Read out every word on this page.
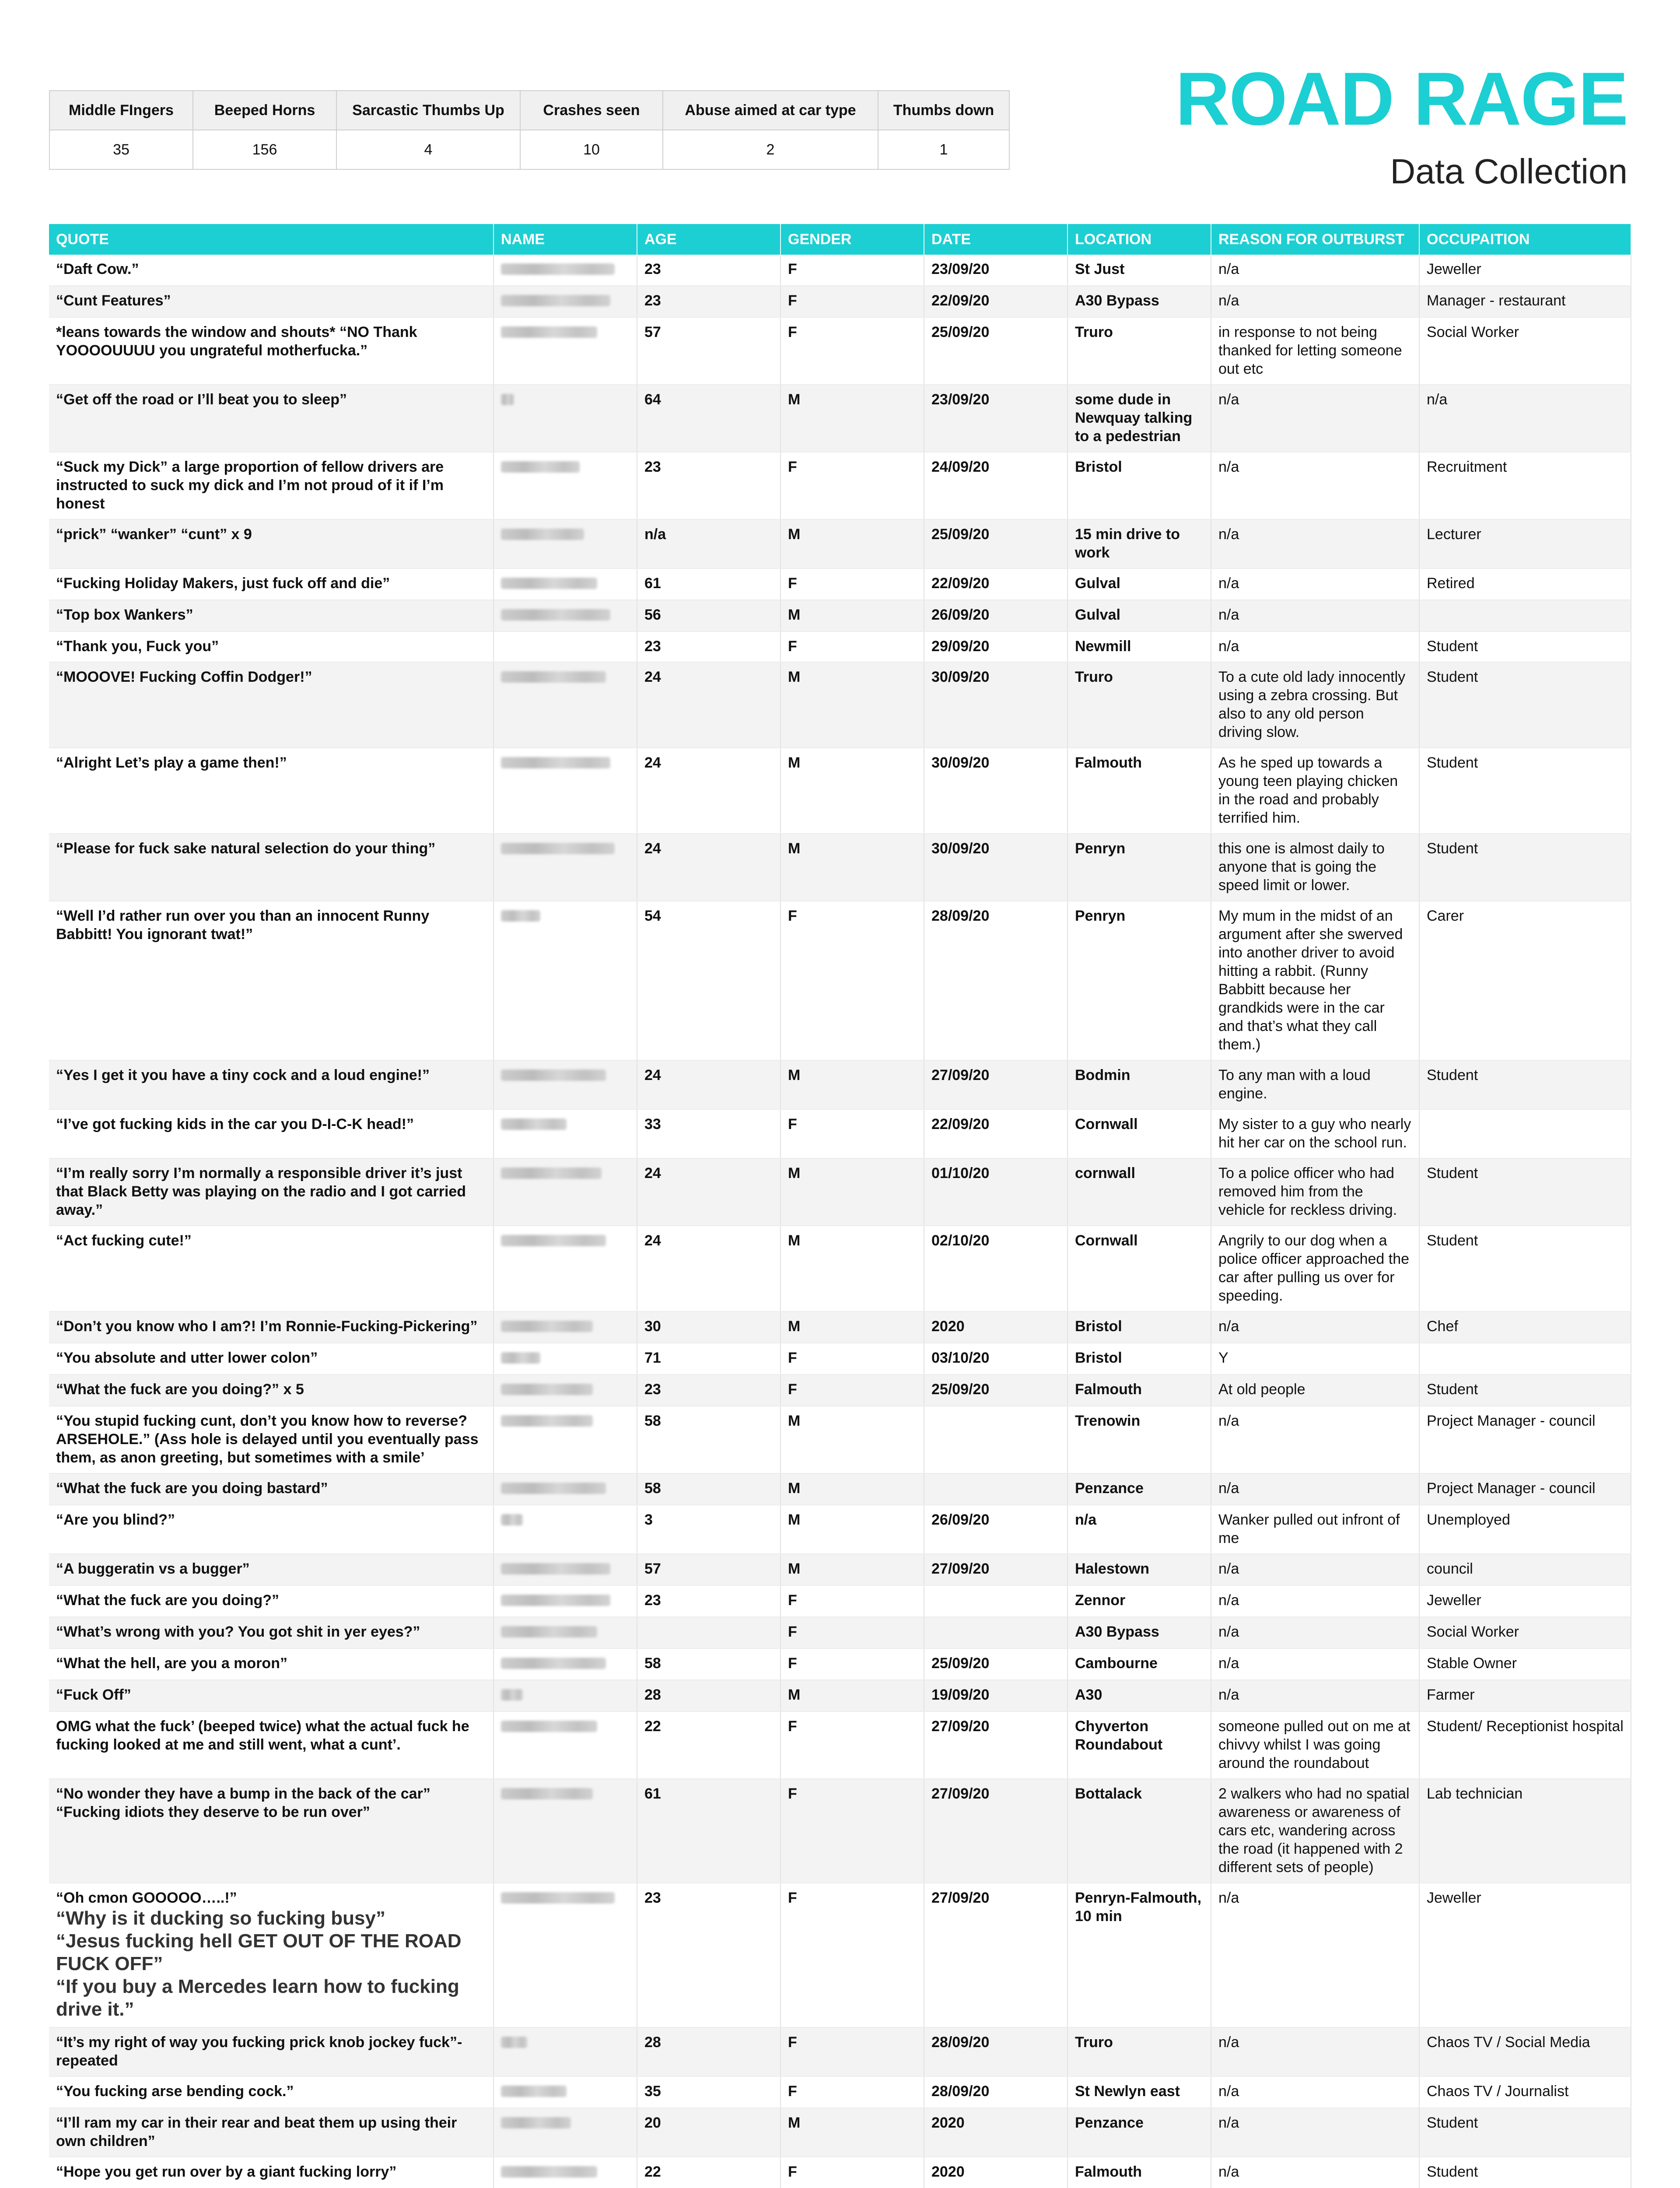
Middle FIngers	Beeped Horns	Sarcastic Thumbs Up	Crashes seen	Abuse aimed at car type	Thumbs down
35	156	4	10	2	1
ROAD RAGE
Data Collection
QUOTE	NAME	AGE	GENDER	DATE	LOCATION	REASON FOR OUTBURST	OCCUPAITION
“Daft Cow.”		23	F	23/09/20	St Just	n/a	Jeweller
“Cunt Features”		23	F	22/09/20	A30 Bypass	n/a	Manager - restaurant
*leans towards the window and shouts* “NO Thank YOOOOUUUU you ungrateful motherfucka.”		57	F	25/09/20	Truro	in response to not being thanked for letting someone out etc	Social Worker
“Get off the road or I’ll beat you to sleep”		64	M	23/09/20	some dude in Newquay talking to a pedestrian	n/a	n/a
“Suck my Dick” a large proportion of fellow drivers are instructed to suck my dick and I’m not proud of it if I’m honest		23	F	24/09/20	Bristol	n/a	Recruitment
“prick” “wanker” “cunt” x 9		n/a	M	25/09/20	15 min drive to work	n/a	Lecturer
“Fucking Holiday Makers, just fuck off and die”		61	F	22/09/20	Gulval	n/a	Retired
“Top box Wankers”		56	M	26/09/20	Gulval	n/a	
“Thank you, Fuck you”		23	F	29/09/20	Newmill	n/a	Student
“MOOOVE! Fucking Coffin Dodger!”		24	M	30/09/20	Truro	To a cute old lady innocently using a zebra crossing. But also to any old person driving slow.	Student
“Alright Let’s play a game then!”		24	M	30/09/20	Falmouth	As he sped up towards a young teen playing chicken in the road and probably terrified him.	Student
“Please for fuck sake natural selection do your thing”		24	M	30/09/20	Penryn	this one is almost daily to anyone that is going the speed limit or lower.	Student
“Well I’d rather run over you than an innocent Runny Babbitt! You ignorant twat!”		54	F	28/09/20	Penryn	My mum in the midst of an argument after she swerved into another driver to avoid hitting a rabbit. (Runny Babbitt because her grandkids were in the car and that’s what they call them.)	Carer
“Yes I get it you have a tiny cock and a loud engine!”		24	M	27/09/20	Bodmin	To any man with a loud engine.	Student
“I’ve got fucking kids in the car you D-I-C-K head!”		33	F	22/09/20	Cornwall	My sister to a guy who nearly hit her car on the school run.	
“I’m really sorry I’m normally a responsible driver it’s just that Black Betty was playing on the radio and I got carried away.”		24	M	01/10/20	cornwall	To a police officer who had removed him from the vehicle for reckless driving.	Student
“Act fucking cute!”		24	M	02/10/20	Cornwall	Angrily to our dog when a police officer approached the car after pulling us over for speeding.	Student
“Don’t you know who I am?! I’m Ronnie-Fucking-Pickering”		30	M	2020	Bristol	n/a	Chef
“You absolute and utter lower colon”		71	F	03/10/20	Bristol	Y	
“What the fuck are you doing?” x 5		23	F	25/09/20	Falmouth	At old people	Student
“You stupid fucking cunt, don’t you know how to reverse? ARSEHOLE.” (Ass hole is delayed until you eventually pass them, as anon greeting, but sometimes with a smile’		58	M		Trenowin	n/a	Project Manager - council
“What the fuck are you doing bastard”		58	M		Penzance	n/a	Project Manager - council
“Are you blind?”		3	M	26/09/20	n/a	Wanker pulled out infront of me	Unemployed
“A buggeratin vs a bugger”		57	M	27/09/20	Halestown	n/a	council
“What the fuck are you doing?”		23	F		Zennor	n/a	Jeweller
“What’s wrong with you? You got shit in yer eyes?”			F		A30 Bypass	n/a	Social Worker
“What the hell, are you a moron”		58	F	25/09/20	Cambourne	n/a	Stable Owner
“Fuck Off”		28	M	19/09/20	A30	n/a	Farmer
OMG what the fuck’ (beeped twice) what the actual fuck he fucking looked at me and still went, what a cunt’.		22	F	27/09/20	Chyverton Roundabout	someone pulled out on me at chivvy whilst I was going around the roundabout	Student/ Receptionist hospital
“No wonder they have a bump in the back of the car” “Fucking idiots they deserve to be run over”		61	F	27/09/20	Bottalack	2 walkers who had no spatial awareness or awareness of cars etc, wandering across the road (it happened with 2 different sets of people)	Lab technician
“Oh cmon GOOOOO…..!”
“Why is it ducking so fucking busy”
“Jesus fucking hell GET OUT OF THE ROAD FUCK OFF”
“If you buy a Mercedes learn how to fucking drive it.”		23	F	27/09/20	Penryn-Falmouth, 10 min	n/a	Jeweller
“It’s my right of way you fucking prick knob jockey fuck”- repeated		28	F	28/09/20	Truro	n/a	Chaos TV / Social Media
“You fucking arse bending cock.”		35	F	28/09/20	St Newlyn east	n/a	Chaos TV / Journalist
“I’ll ram my car in their rear and beat them up using their own children”		20	M	2020	Penzance	n/a	Student
“Hope you get run over by a giant fucking lorry”		22	F	2020	Falmouth	n/a	Student
